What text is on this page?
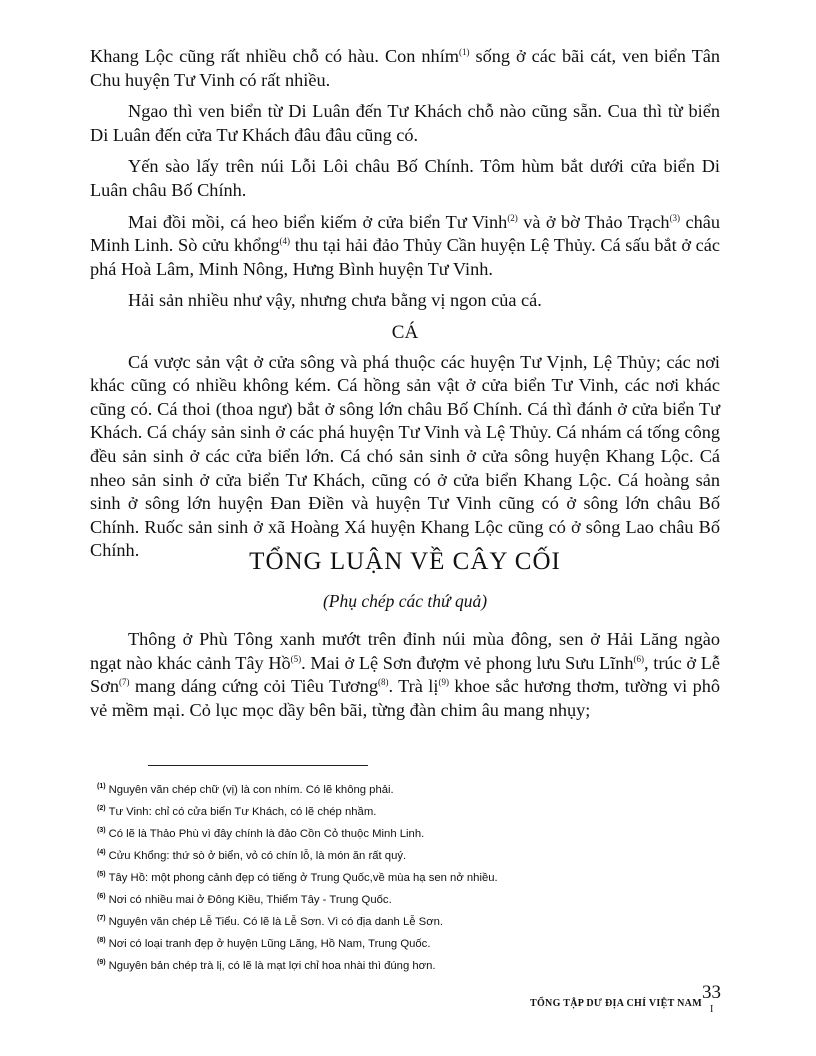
Khang Lộc cũng rất nhiều chỗ có hàu. Con nhím$^{(1)}$ sống ở các bãi cát, ven biển Tân Chu huyện Tư Vinh có rất nhiều.

Ngao thì ven biển từ Di Luân đến Tư Khách chỗ nào cũng sẵn. Cua thì từ biển Di Luân đến cửa Tư Khách đâu đâu cũng có.

Yến sào lấy trên núi Lỗi Lôi châu Bố Chính. Tôm hùm bắt dưới cửa biển Di Luân châu Bố Chính.

Mai đồi mồi, cá heo biển kiếm ở cửa biển Tư Vinh$^{(2)}$ và ở bờ Thảo Trạch$^{(3)}$ châu Minh Linh. Sò cửu khổng$^{(4)}$ thu tại hải đảo Thủy Cần huyện Lệ Thủy. Cá sấu bắt ở các phá Hoà Lâm, Minh Nông, Hưng Bình huyện Tư Vinh.

Hải sản nhiều như vậy, nhưng chưa bằng vị ngon của cá.

CÁ

Cá vược sản vật ở cửa sông và phá thuộc các huyện Tư Vịnh, Lệ Thủy; các nơi khác cũng có nhiều không kém. Cá hồng sản vật ở cửa biển Tư Vinh, các nơi khác cũng có. Cá thoi (thoa ngư) bắt ở sông lớn châu Bố Chính. Cá thì đánh ở cửa biển Tư Khách. Cá cháy sản sinh ở các phá huyện Tư Vinh và Lệ Thủy. Cá nhám cá tống công đều sản sinh ở các cửa biển lớn. Cá chó sản sinh ở cửa sông huyện Khang Lộc. Cá nheo sản sinh ở cửa biển Tư Khách, cũng có ở cửa biển Khang Lộc. Cá hoàng sản sinh ở sông lớn huyện Đan Điền và huyện Tư Vinh cũng có ở sông lớn châu Bố Chính. Ruốc sản sinh ở xã Hoàng Xá huyện Khang Lộc cũng có ở sông Lao châu Bố Chính.	TỔNG LUẬN VỀ CÂY CỐI
(Phụ chép các thứ quả)

Thông ở Phù Tông xanh mướt trên đỉnh núi mùa đông, sen ở Hải Lăng ngào ngạt nào khác cảnh Tây Hồ$^{(5)}$. Mai ở Lệ Sơn đượm vẻ phong lưu Sưu Lĩnh$^{(6)}$, trúc ở Lễ Sơn$^{(7)}$ mang dáng cứng cỏi Tiêu Tương$^{(8)}$. Trà lị$^{(9)}$ khoe sắc hương thơm, tường vi phô vẻ mềm mại. Cỏ lục mọc dầy bên bãi, từng đàn chim âu mang nhụy;

$^{(1)}$ Nguyên văn chép chữ (vị) là con nhím. Có lẽ không phải.
$^{(2)}$ Tư Vinh: chỉ có cửa biển Tư Khách, có lẽ chép nhầm.
$^{(3)}$ Có lẽ là Thảo Phù vì đây chính là đảo Cồn Cỏ thuộc Minh Linh.
$^{(4)}$ Cửu Khổng: thứ sò ở biển, vỏ có chín lỗ, là món ăn rất quý.
$^{(5)}$ Tây Hồ: một phong cảnh đẹp có tiếng ở Trung Quốc,về mùa hạ sen nở nhiều.
$^{(6)}$ Nơi có nhiều mai ở Đông Kiều, Thiểm Tây - Trung Quốc.
$^{(7)}$ Nguyên văn chép Lễ Tiểu. Có lẽ là Lễ Sơn. Vì có địa danh Lễ Sơn.
$^{(8)}$ Nơi có loại tranh đẹp ở huyện Lũng Lăng, Hồ Nam, Trung Quốc.
$^{(9)}$ Nguyên bản chép trà lị, có lẽ là mạt lợi chỉ hoa nhài thì đúng hơn.
TỔNG TẬP DƯ ĐỊA CHÍ VIỆT NAM
33
I
